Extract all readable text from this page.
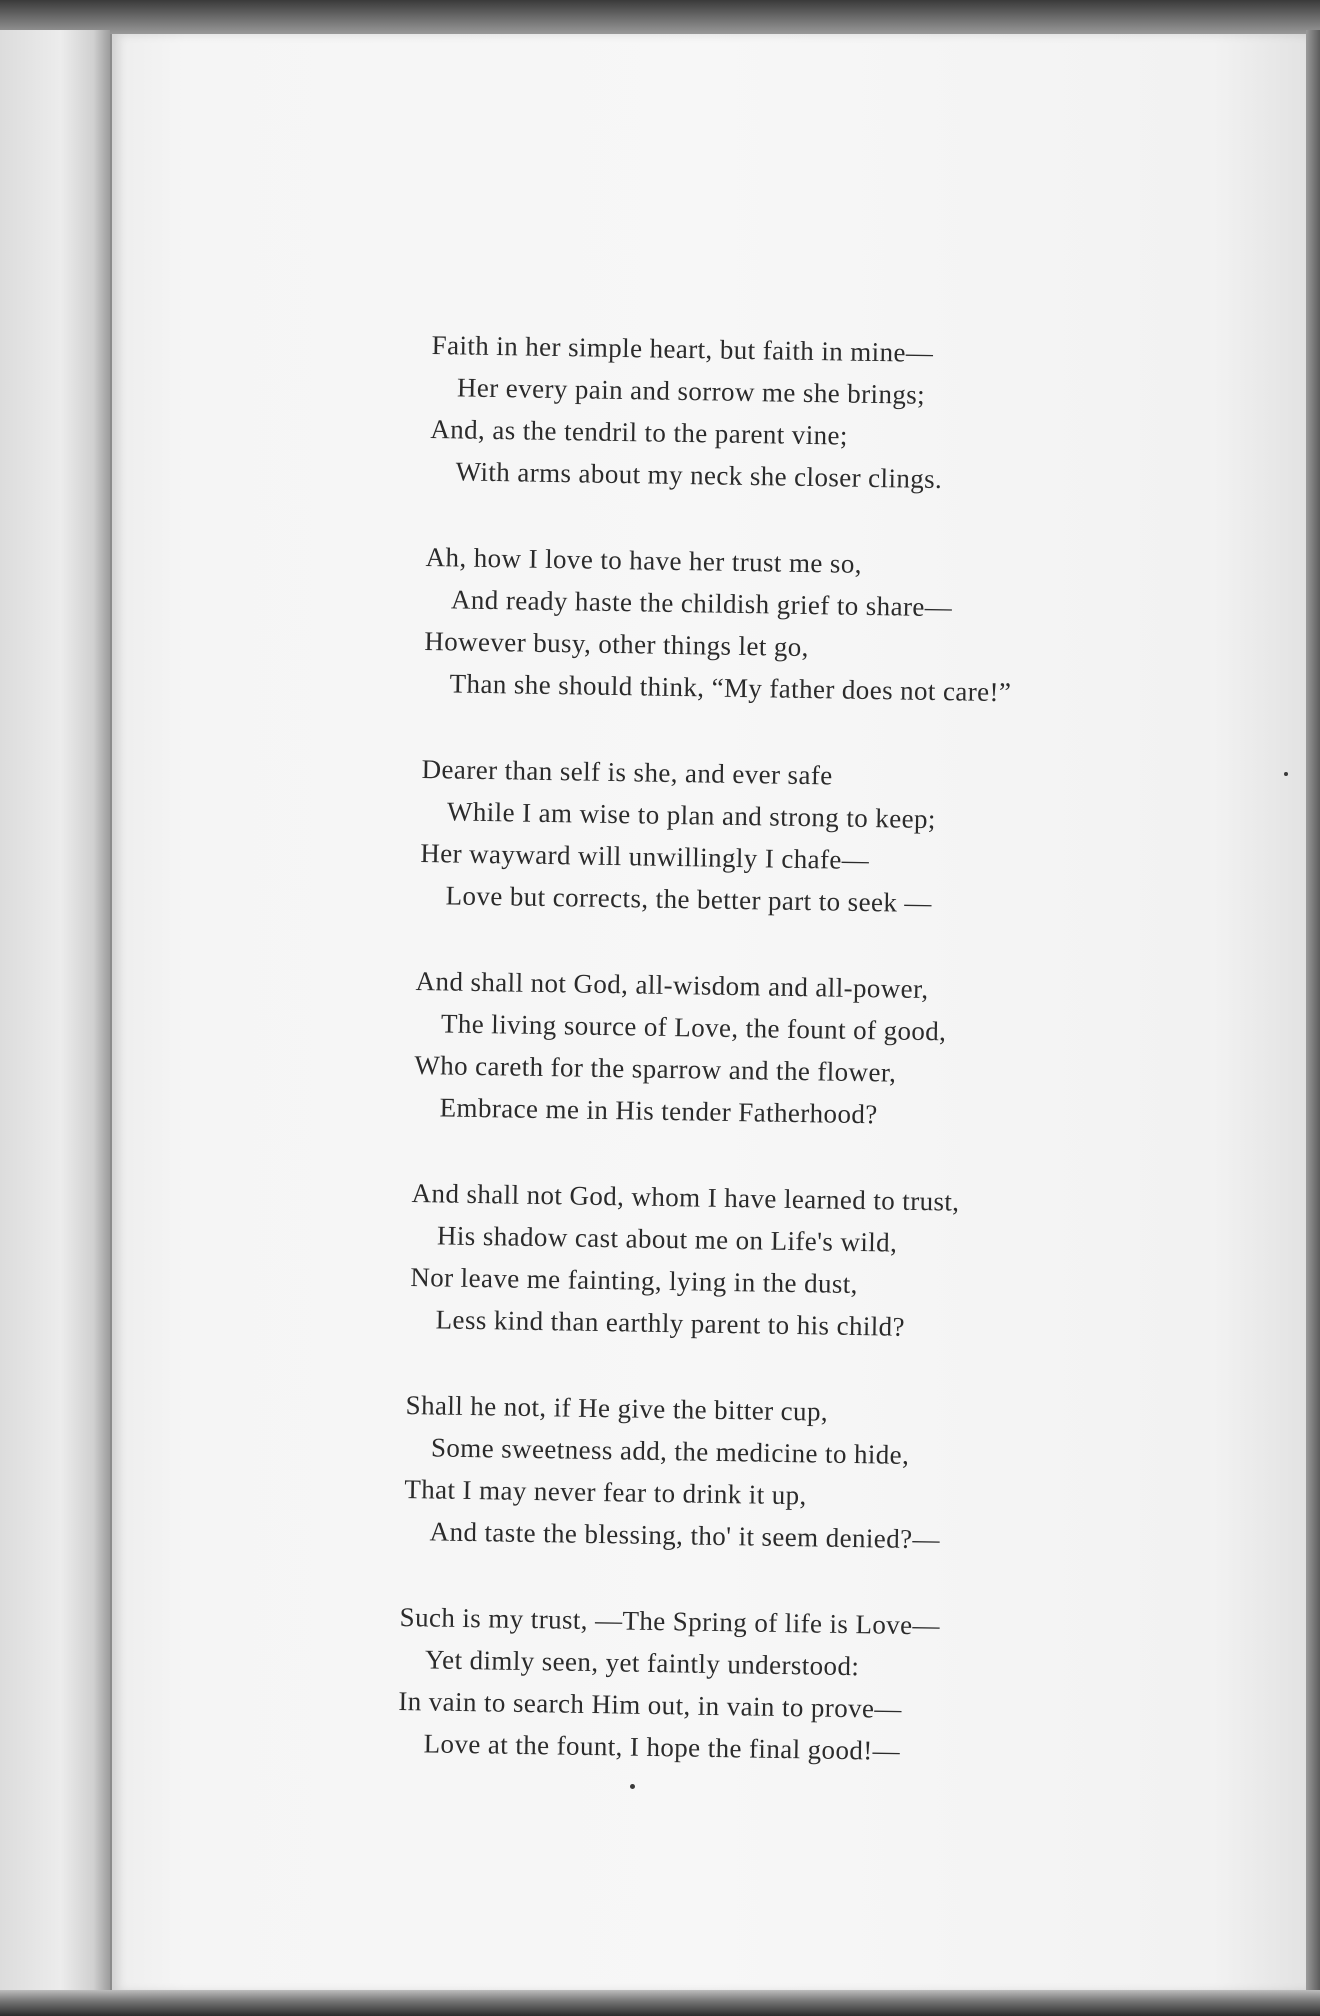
Faith in her simple heart, but faith in mine—
Her every pain and sorrow me she brings;
And, as the tendril to the parent vine;
With arms about my neck she closer clings.
Ah, how I love to have her trust me so,
And ready haste the childish grief to share—
However busy, other things let go,
Than she should think, “My father does not care!”
Dearer than self is she, and ever safe
While I am wise to plan and strong to keep;
Her wayward will unwillingly I chafe—
Love but corrects, the better part to seek —
And shall not God, all-wisdom and all-power,
The living source of Love, the fount of good,
Who careth for the sparrow and the flower,
Embrace me in His tender Fatherhood?
And shall not God, whom I have learned to trust,
His shadow cast about me on Life's wild,
Nor leave me fainting, lying in the dust,
Less kind than earthly parent to his child?
Shall he not, if He give the bitter cup,
Some sweetness add, the medicine to hide,
That I may never fear to drink it up,
And taste the blessing, tho' it seem denied?—
Such is my trust, —The Spring of life is Love—
Yet dimly seen, yet faintly understood:
In vain to search Him out, in vain to prove—
Love at the fount, I hope the final good!—
